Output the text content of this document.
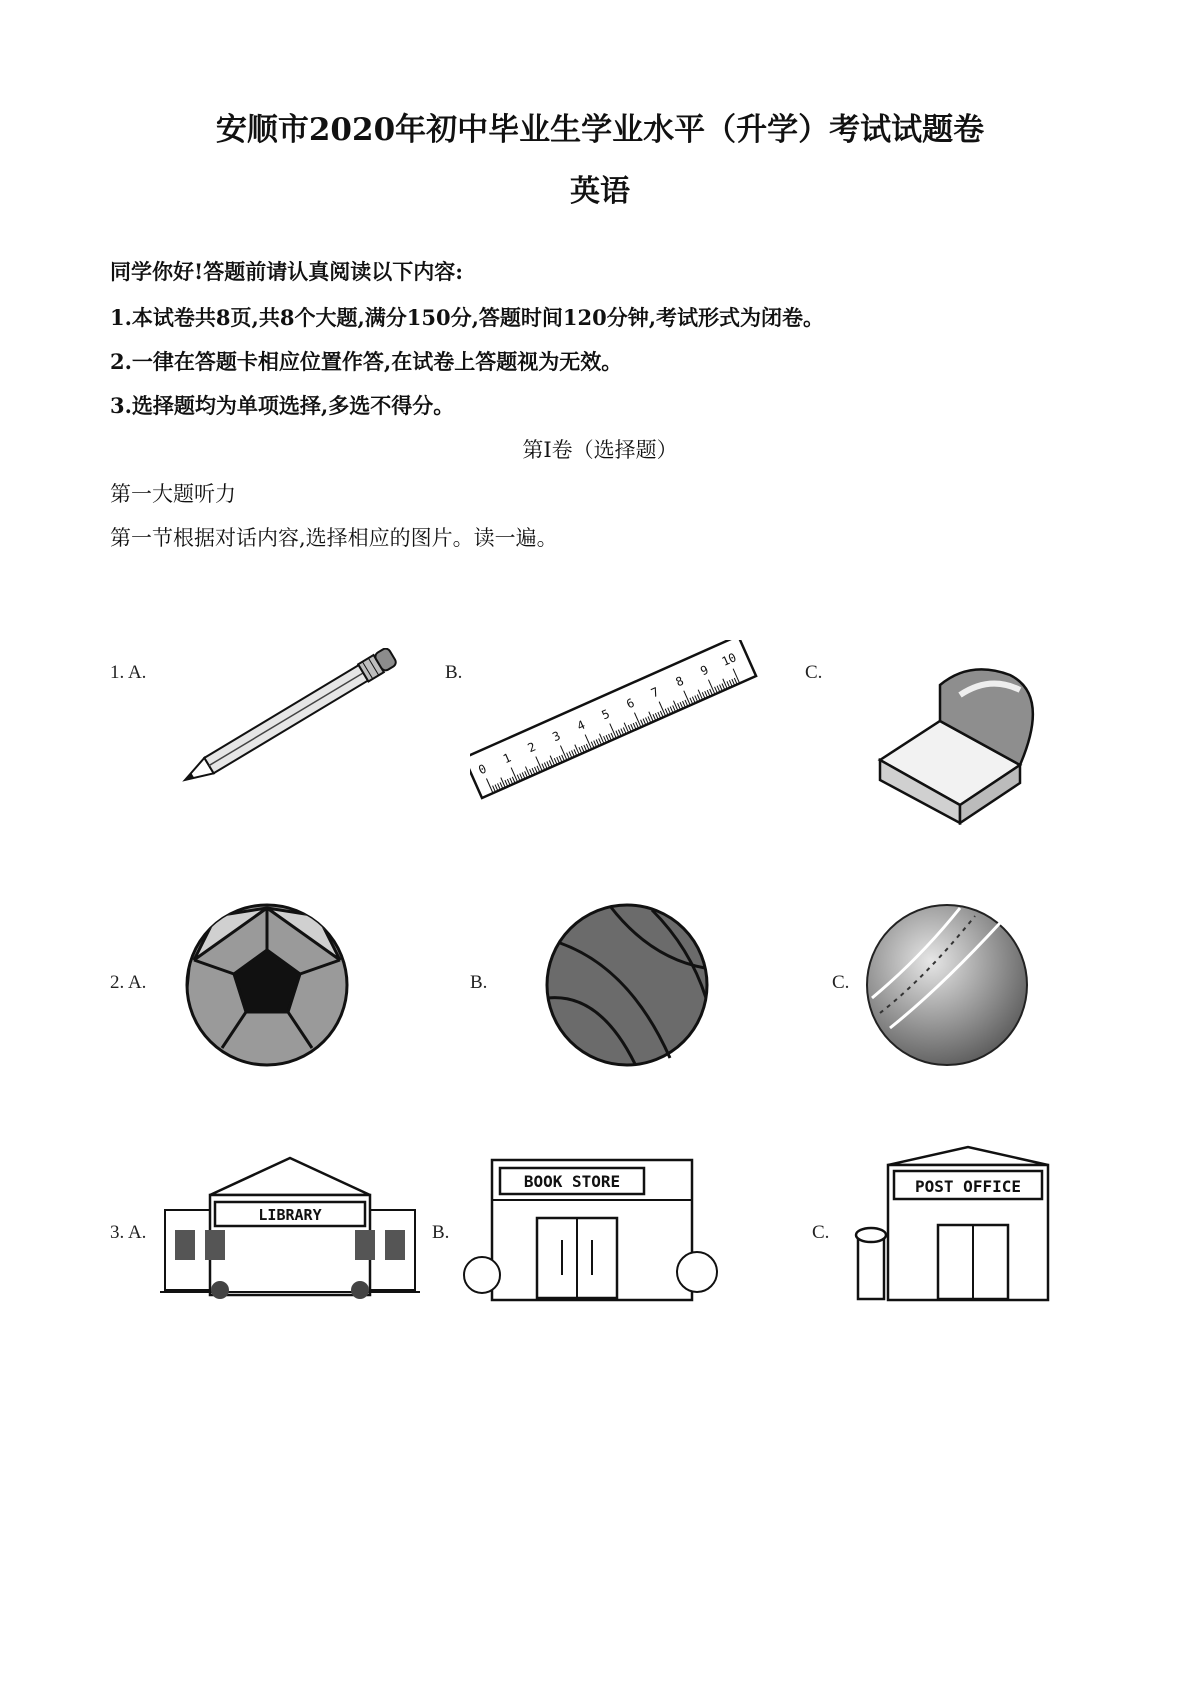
安顺市2020年初中毕业生学业水平（升学）考试试题卷
英语
同学你好!答题前请认真阅读以下内容:
1.本试卷共8页,共8个大题,满分150分,答题时间120分钟,考试形式为闭卷。
2.一律在答题卡相应位置作答,在试卷上答题视为无效。
3.选择题均为单项选择,多选不得分。
第Ⅰ卷（选择题）
第一大题听力
第一节根据对话内容,选择相应的图片。读一遍。
1. A.	B.	C.
0
1
2
3
4
5
6
7
8
9
10
2. A.	B.	C.
3. A.	B.	C.
LIBRARY
BOOK STORE	POST OFFICE
